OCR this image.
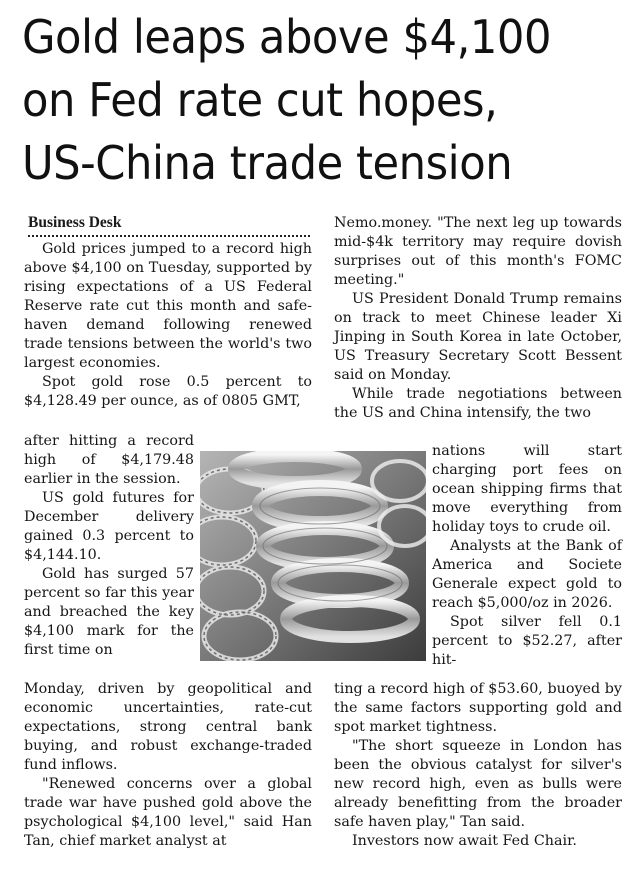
Gold leaps above $4,100
on Fed rate cut hopes,
US-China trade tension
Business Desk

Gold prices jumped to a record high above $4,100 on Tuesday, supported by rising expectations of a US Federal Reserve rate cut this month and safe-haven demand following renewed trade tensions between the world's two largest economies.

Spot gold rose 0.5 percent to $4,128.49 per ounce, as of 0805 GMT,

after hitting a record high of $4,179.48 earlier in the session.

US gold futures for December delivery gained 0.3 percent to $4,144.10.

Gold has surged 57 percent so far this year and breached the key $4,100 mark for the first time on

Monday, driven by geopolitical and economic uncertainties, rate-cut expectations, strong central bank buying, and robust exchange-traded fund inflows.

"Renewed concerns over a global trade war have pushed gold above the psychological $4,100 level," said Han Tan, chief market analyst at

Nemo.money. "The next leg up towards mid-$4k territory may require dovish surprises out of this month's FOMC meeting."

US President Donald Trump remains on track to meet Chinese leader Xi Jinping in South Korea in late October, US Treasury Secretary Scott Bessent said on Monday.

While trade negotiations between the US and China intensify, the two

nations will start charging port fees on ocean shipping firms that move everything from holiday toys to crude oil.

Analysts at the Bank of America and Societe Generale expect gold to reach $5,000/oz in 2026.

Spot silver fell 0.1 percent to $52.27, after hit-

ting a record high of $53.60, buoyed by the same factors supporting gold and spot market tightness.

"The short squeeze in London has been the obvious catalyst for silver's new record high, even as bulls were already benefitting from the broader safe haven play," Tan said.

Investors now await Fed Chair.
